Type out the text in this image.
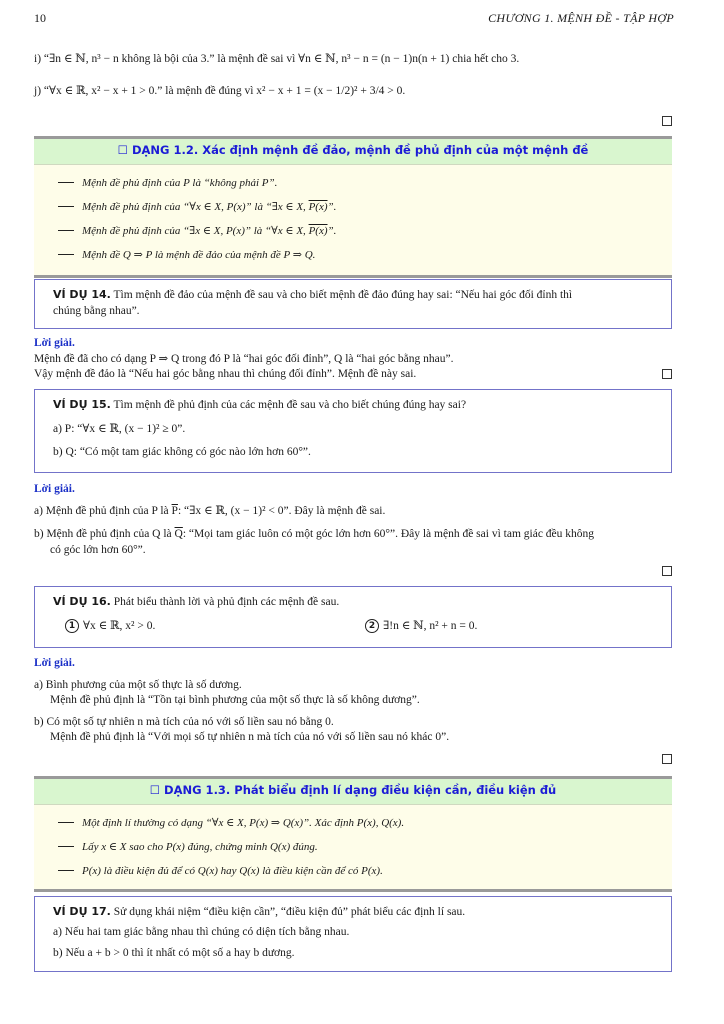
10	CHƯƠNG 1. MỆNH ĐỀ - TẬP HỢP
i) “∃n ∈ ℕ, n³ − n không là bội của 3.” là mệnh đề sai vì ∀n ∈ ℕ, n³ − n = (n − 1)n(n + 1) chia hết cho 3.
j) “∀x ∈ ℝ, x² − x + 1 > 0.” là mệnh đề đúng vì x² − x + 1 = (x − 1/2)² + 3/4 > 0.
☐ DẠNG 1.2. Xác định mệnh đề đảo, mệnh đề phủ định của một mệnh đề
Mệnh đề phủ định của P là “không phải P”.
Mệnh đề phủ định của “∀x ∈ X, P(x)” là “∃x ∈ X, P(x)”.
Mệnh đề phủ định của “∃x ∈ X, P(x)” là “∀x ∈ X, P(x)”.
Mệnh đề Q ⇒ P là mệnh đề đảo của mệnh đề P ⇒ Q.
VÍ DỤ 14. Tìm mệnh đề đảo của mệnh đề sau và cho biết mệnh đề đảo đúng hay sai: “Nếu hai góc đối đỉnh thì
chúng bằng nhau”.
Lời giải.
Mệnh đề đã cho có dạng P ⇒ Q trong đó P là “hai góc đối đỉnh”, Q là “hai góc bằng nhau”.
Vậy mệnh đề đảo là “Nếu hai góc bằng nhau thì chúng đối đỉnh”. Mệnh đề này sai.
VÍ DỤ 15. Tìm mệnh đề phủ định của các mệnh đề sau và cho biết chúng đúng hay sai?
a) P: “∀x ∈ ℝ, (x − 1)² ≥ 0”.
b) Q: “Có một tam giác không có góc nào lớn hơn 60°”.
Lời giải.
a) Mệnh đề phủ định của P là $\overline{P}$: “∃x ∈ ℝ, (x − 1)² < 0”. Đây là mệnh đề sai.
b) Mệnh đề phủ định của Q là $\overline{Q}$: “Mọi tam giác luôn có một góc lớn hơn 60°”. Đây là mệnh đề sai vì tam giác đều không
có góc lớn hơn 60°”.
VÍ DỤ 16. Phát biểu thành lời và phủ định các mệnh đề sau.
1 ∀x ∈ ℝ, x² > 0.	2 ∃!n ∈ ℕ, n² + n = 0.
Lời giải.
a) Bình phương của một số thực là số dương.
Mệnh đề phủ định là “Tồn tại bình phương của một số thực là số không dương”.
b) Có một số tự nhiên n mà tích của nó với số liền sau nó bằng 0.
Mệnh đề phủ định là “Với mọi số tự nhiên n mà tích của nó với số liền sau nó khác 0”.
☐ DẠNG 1.3. Phát biểu định lí dạng điều kiện cần, điều kiện đủ
Một định lí thường có dạng “∀x ∈ X, P(x) ⇒ Q(x)”. Xác định P(x), Q(x).
Lấy x ∈ X sao cho P(x) đúng, chứng minh Q(x) đúng.
P(x) là điều kiện đủ để có Q(x) hay Q(x) là điều kiện cần để có P(x).
VÍ DỤ 17. Sử dụng khái niệm “điều kiện cần”, “điều kiện đủ” phát biểu các định lí sau.
a) Nếu hai tam giác bằng nhau thì chúng có diện tích bằng nhau.
b) Nếu a + b > 0 thì ít nhất có một số a hay b dương.
